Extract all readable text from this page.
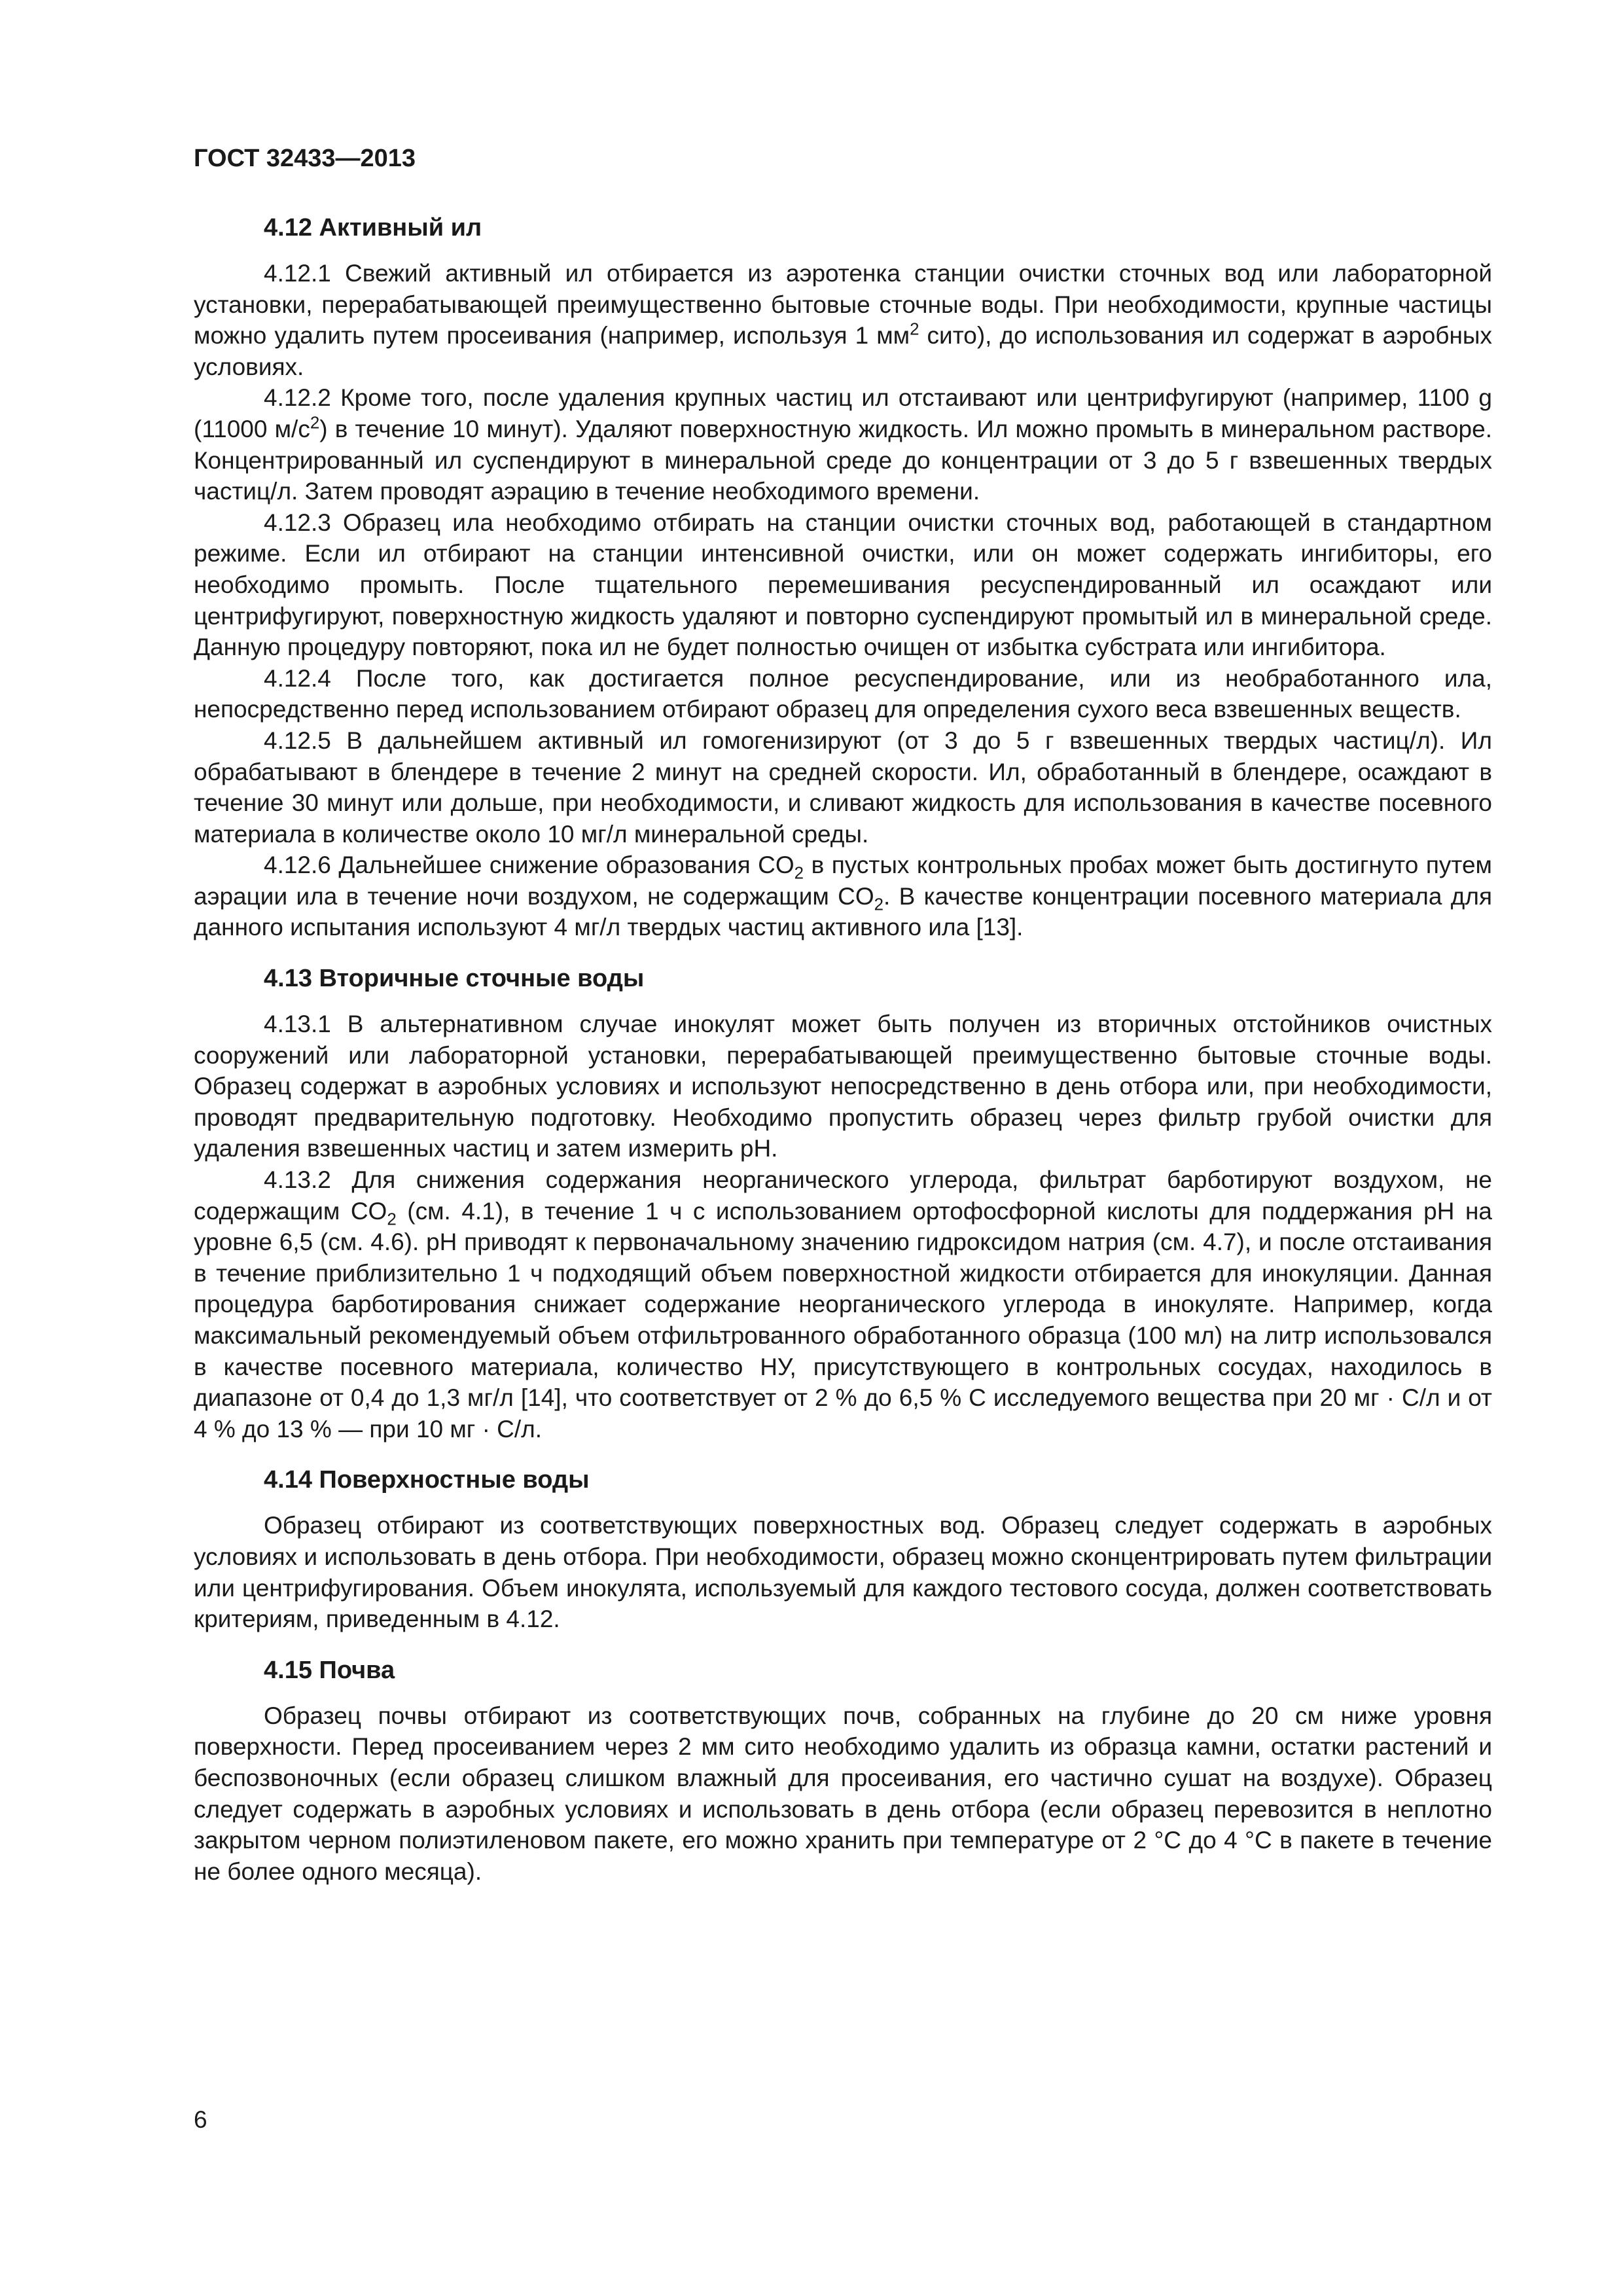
ГОСТ 32433—2013
4.12 Активный ил

4.12.1 Свежий активный ил отбирается из аэротенка станции очистки сточных вод или лабораторной установки, перерабатывающей преимущественно бытовые сточные воды. При необходимости, крупные частицы можно удалить путем просеивания (например, используя 1 $мм^2$ сито), до использования ил содержат в аэробных условиях.

4.12.2 Кроме того, после удаления крупных частиц ил отстаивают или центрифугируют (например, 1100 g (11000 $м/с^2$) в течение 10 минут). Удаляют поверхностную жидкость. Ил можно промыть в минеральном растворе. Концентрированный ил суспендируют в минеральной среде до концентрации от 3 до 5 г взвешенных твердых частиц/л. Затем проводят аэрацию в течение необходимого времени.

4.12.3 Образец ила необходимо отбирать на станции очистки сточных вод, работающей в стандартном режиме. Если ил отбирают на станции интенсивной очистки, или он может содержать ингибиторы, его необходимо промыть. После тщательного перемешивания ресуспендированный ил осаждают или центрифугируют, поверхностную жидкость удаляют и повторно суспендируют промытый ил в минеральной среде. Данную процедуру повторяют, пока ил не будет полностью очищен от избытка субстрата или ингибитора.

4.12.4 После того, как достигается полное ресуспендирование, или из необработанного ила, непосредственно перед использованием отбирают образец для определения сухого веса взвешенных веществ.

4.12.5 В дальнейшем активный ил гомогенизируют (от 3 до 5 г взвешенных твердых частиц/л). Ил обрабатывают в блендере в течение 2 минут на средней скорости. Ил, обработанный в блендере, осаждают в течение 30 минут или дольше, при необходимости, и сливают жидкость для использования в качестве посевного материала в количестве около 10 мг/л минеральной среды.

4.12.6 Дальнейшее снижение образования $CO_2$ в пустых контрольных пробах может быть достигнуто путем аэрации ила в течение ночи воздухом, не содержащим $CO_2$. В качестве концентрации посевного материала для данного испытания используют 4 мг/л твердых частиц активного ила [13].

4.13 Вторичные сточные воды

4.13.1 В альтернативном случае инокулят может быть получен из вторичных отстойников очистных сооружений или лабораторной установки, перерабатывающей преимущественно бытовые сточные воды. Образец содержат в аэробных условиях и используют непосредственно в день отбора или, при необходимости, проводят предварительную подготовку. Необходимо пропустить образец через фильтр грубой очистки для удаления взвешенных частиц и затем измерить pH.

4.13.2 Для снижения содержания неорганического углерода, фильтрат барботируют воздухом, не содержащим $CO_2$ (см. 4.1), в течение 1 ч с использованием ортофосфорной кислоты для поддержания pH на уровне 6,5 (см. 4.6). pH приводят к первоначальному значению гидроксидом натрия (см. 4.7), и после отстаивания в течение приблизительно 1 ч подходящий объем поверхностной жидкости отбирается для инокуляции. Данная процедура барботирования снижает содержание неорганического углерода в инокуляте. Например, когда максимальный рекомендуемый объем отфильтрованного обработанного образца (100 мл) на литр использовался в качестве посевного материала, количество НУ, присутствующего в контрольных сосудах, находилось в диапазоне от 0,4 до 1,3 мг/л [14], что соответствует от 2 % до 6,5 % С исследуемого вещества при 20 мг · С/л и от 4 % до 13 % — при 10 мг · С/л.

4.14 Поверхностные воды

Образец отбирают из соответствующих поверхностных вод. Образец следует содержать в аэробных условиях и использовать в день отбора. При необходимости, образец можно сконцентрировать путем фильтрации или центрифугирования. Объем инокулята, используемый для каждого тестового сосуда, должен соответствовать критериям, приведенным в 4.12.

4.15 Почва

Образец почвы отбирают из соответствующих почв, собранных на глубине до 20 см ниже уровня поверхности. Перед просеиванием через 2 мм сито необходимо удалить из образца камни, остатки растений и беспозвоночных (если образец слишком влажный для просеивания, его частично сушат на воздухе). Образец следует содержать в аэробных условиях и использовать в день отбора (если образец перевозится в неплотно закрытом черном полиэтиленовом пакете, его можно хранить при температуре от 2 °С до 4 °С в пакете в течение не более одного месяца).

6
